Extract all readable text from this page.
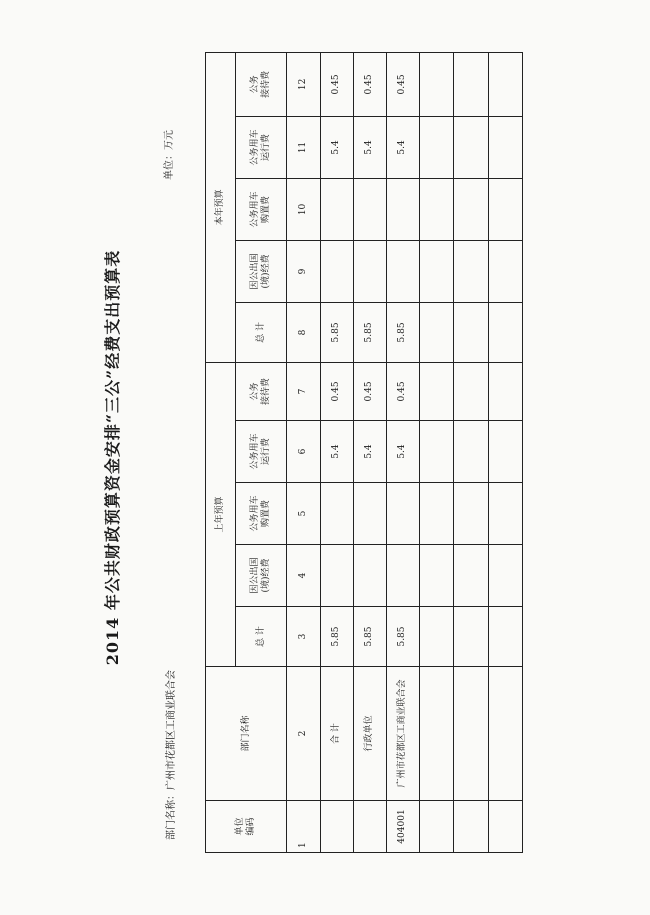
2014 年公共财政预算资金安排“三公”经费支出预算表
部门名称：广州市花都区工商业联合会
单位：万元
单位 编码	部门名称	上年预算					本年预算				
		总 计	因公出国 (境)经费	公务用车 购置费	公务用车 运行费	公务 接待费	总 计	因公出国 (境)经费	公务用车 购置费	公务用车 运行费	公务 接待费

1	2	3	4	5	6	7	8	9	10	11	12
	合 计	5.85			5.4	0.45	5.85			5.4	0.45
	行政单位	5.85			5.4	0.45	5.85			5.4	0.45
404001	广州市花都区工商业联合会	5.85			5.4	0.45	5.85			5.4	0.45
